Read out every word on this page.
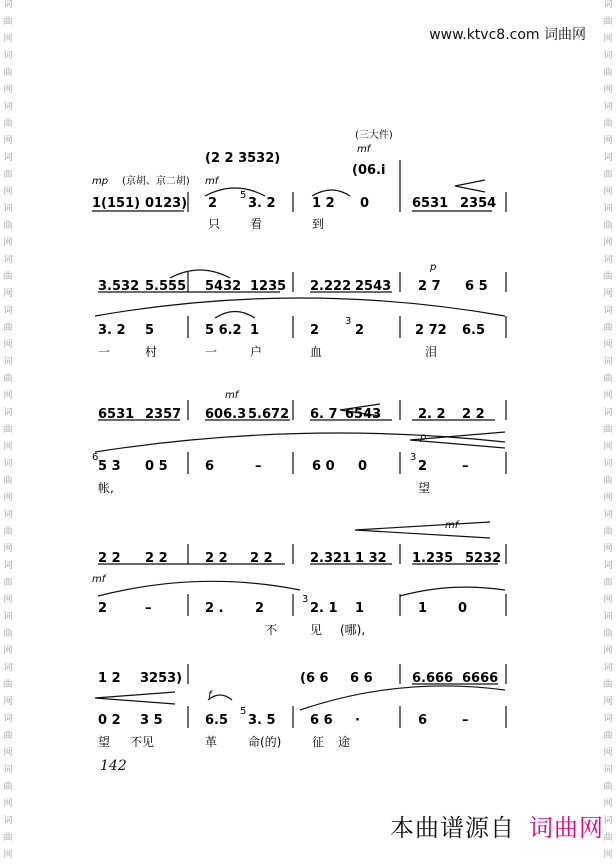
词
曲
网
词
曲
网
词
曲
网
词
曲
网
词
曲
网
词
曲
网
词
曲
网
词
曲
网
词
曲
网
词
曲
网
词
曲
网
词
曲
网
词
曲
网
词
曲
网
词
曲
网
词
曲
网
词
曲
网
词
曲
网
词
曲
网
词
曲
网
词
曲
网
词
曲
网
词
曲
网
词
曲
网
词
曲
网
词
曲
网
词
曲
网
词
曲
网
词
曲
网
词
曲
网
词
曲
网
词
曲
网
词
曲
网
词
曲
网
www.ktvc8.com 词曲网
(三大件)
mf
(2 2 3532)
(06.i
mp (京胡、京二胡) mf
1(151) 0123) 2
5
3. 2	1 2 0	6531 2354
只 看	到
p
3.532 5.555 5432 1235 2.222 2543 2 7 6 5
3. 2 5	5 6.2 1	2
3
2	2 72 6.5
一	村	一	户	血	泪
mf
6531 2357 606.3 5.672 6. 7 6543	2. 2 2 2
p
6
5 3 0 5	6	–	6 0 0
3
2	–
帐,	望
mf
2 2 2 2	2 2 2 2	2.321 1 32 1.235 5232
mf
2	–	2 . 2
3
2. 1 1	1 0
不	见 (哪),
1 2 3253)	(6 6 6 6	6.666 6666
f
0 2 3 5	6.5
5
3. 5	6 6 ·	6	–
望 不见	革	命(的)	征 途
142
本曲谱源自 词曲网
